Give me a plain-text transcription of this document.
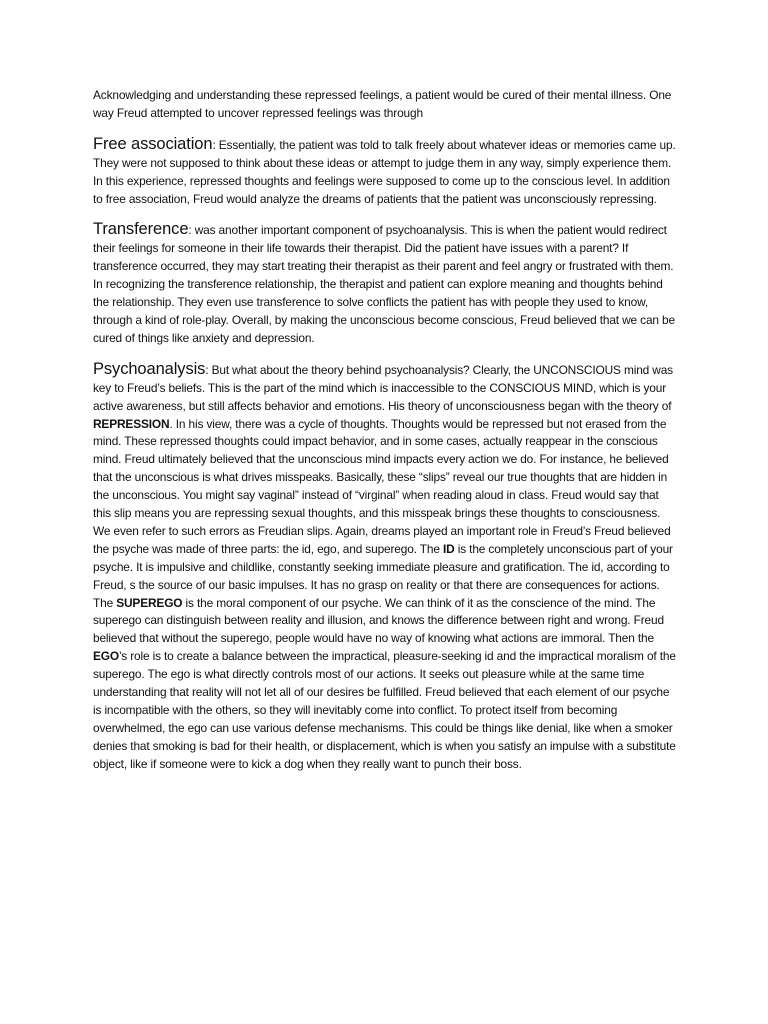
Acknowledging and understanding these repressed feelings, a patient would be cured of their mental illness. One way Freud attempted to uncover repressed feelings was through

Free association: Essentially, the patient was told to talk freely about whatever ideas or memories came up. They were not supposed to think about these ideas or attempt to judge them in any way, simply experience them. In this experience, repressed thoughts and feelings were supposed to come up to the conscious level. In addition to free association, Freud would analyze the dreams of patients that the patient was unconsciously repressing.

Transference: was another important component of psychoanalysis. This is when the patient would redirect their feelings for someone in their life towards their therapist. Did the patient have issues with a parent? If transference occurred, they may start treating their therapist as their parent and feel angry or frustrated with them. In recognizing the transference relationship, the therapist and patient can explore meaning and thoughts behind the relationship. They even use transference to solve conflicts the patient has with people they used to know, through a kind of role-play. Overall, by making the unconscious become conscious, Freud believed that we can be cured of things like anxiety and depression.

Psychoanalysis: But what about the theory behind psychoanalysis? Clearly, the UNCONSCIOUS mind was key to Freud’s beliefs. This is the part of the mind which is inaccessible to the CONSCIOUS MIND, which is your active awareness, but still affects behavior and emotions. His theory of unconsciousness began with the theory of REPRESSION. In his view, there was a cycle of thoughts. Thoughts would be repressed but not erased from the mind. These repressed thoughts could impact behavior, and in some cases, actually reappear in the conscious mind. Freud ultimately believed that the unconscious mind impacts every action we do. For instance, he believed that the unconscious is what drives misspeaks. Basically, these “slips” reveal our true thoughts that are hidden in the unconscious. You might say vaginal” instead of “virginal” when reading aloud in class. Freud would say that this slip means you are repressing sexual thoughts, and this misspeak brings these thoughts to consciousness. We even refer to such errors as Freudian slips. Again, dreams played an important role in Freud’s Freud believed the psyche was made of three parts: the id, ego, and superego. The ID is the completely unconscious part of your psyche. It is impulsive and childlike, constantly seeking immediate pleasure and gratification. The id, according to Freud, s the source of our basic impulses. It has no grasp on reality or that there are consequences for actions. The SUPEREGO is the moral component of our psyche. We can think of it as the conscience of the mind. The superego can distinguish between reality and illusion, and knows the difference between right and wrong. Freud believed that without the superego, people would have no way of knowing what actions are immoral. Then the EGO’s role is to create a balance between the impractical, pleasure-seeking id and the impractical moralism of the superego. The ego is what directly controls most of our actions. It seeks out pleasure while at the same time understanding that reality will not let all of our desires be fulfilled. Freud believed that each element of our psyche is incompatible with the others, so they will inevitably come into conflict. To protect itself from becoming overwhelmed, the ego can use various defense mechanisms. This could be things like denial, like when a smoker denies that smoking is bad for their health, or displacement, which is when you satisfy an impulse with a substitute object, like if someone were to kick a dog when they really want to punch their boss.
